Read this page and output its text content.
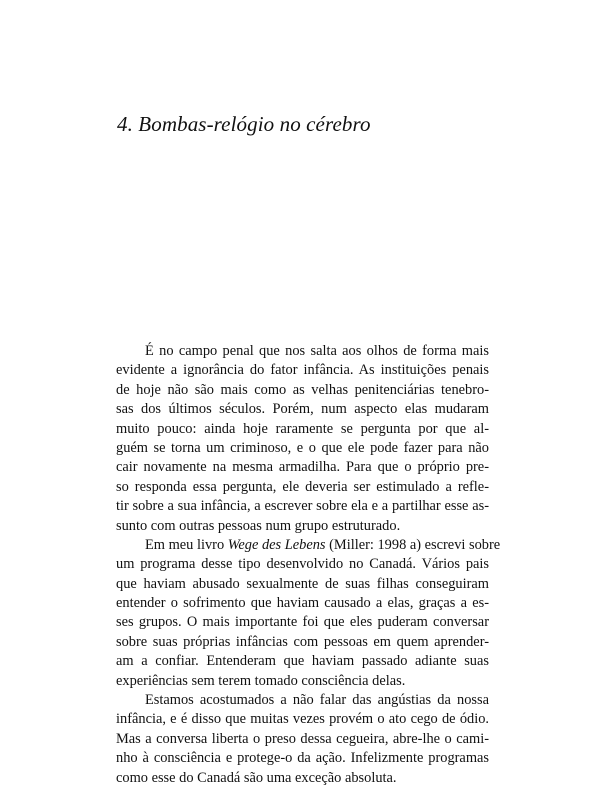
4. Bombas-relógio no cérebro
É no campo penal que nos salta aos olhos de forma mais
evidente a ignorância do fator infância. As instituições penais
de hoje não são mais como as velhas penitenciárias tenebro-
sas dos últimos séculos. Porém, num aspecto elas mudaram
muito pouco: ainda hoje raramente se pergunta por que al-
guém se torna um criminoso, e o que ele pode fazer para não
cair novamente na mesma armadilha. Para que o próprio pre-
so responda essa pergunta, ele deveria ser estimulado a reflе-
tir sobre a sua infância, a escrever sobre ela e a partilhar esse as-
sunto com outras pessoas num grupo estruturado.
Em meu livro Wege des Lebens (Miller: 1998 a) escrevi sobre
um programa desse tipo desenvolvido no Canadá. Vários pais
que haviam abusado sexualmente de suas filhas conseguiram
entender o sofrimento que haviam causado a elas, graças a es-
ses grupos. O mais importante foi que eles puderam conversar
sobre suas próprias infâncias com pessoas em quem aprender-
am a confiar. Entenderam que haviam passado adiante suas
experiências sem terem tomado consciência delas.
Estamos acostumados a não falar das angústias da nossa
infância, e é disso que muitas vezes provém o ato cego de ódio.
Mas a conversa liberta o preso dessa cegueira, abre-lhe o cami-
nho à consciência e protege-o da ação. Infelizmente programas
como esse do Canadá são uma exceção absoluta.
